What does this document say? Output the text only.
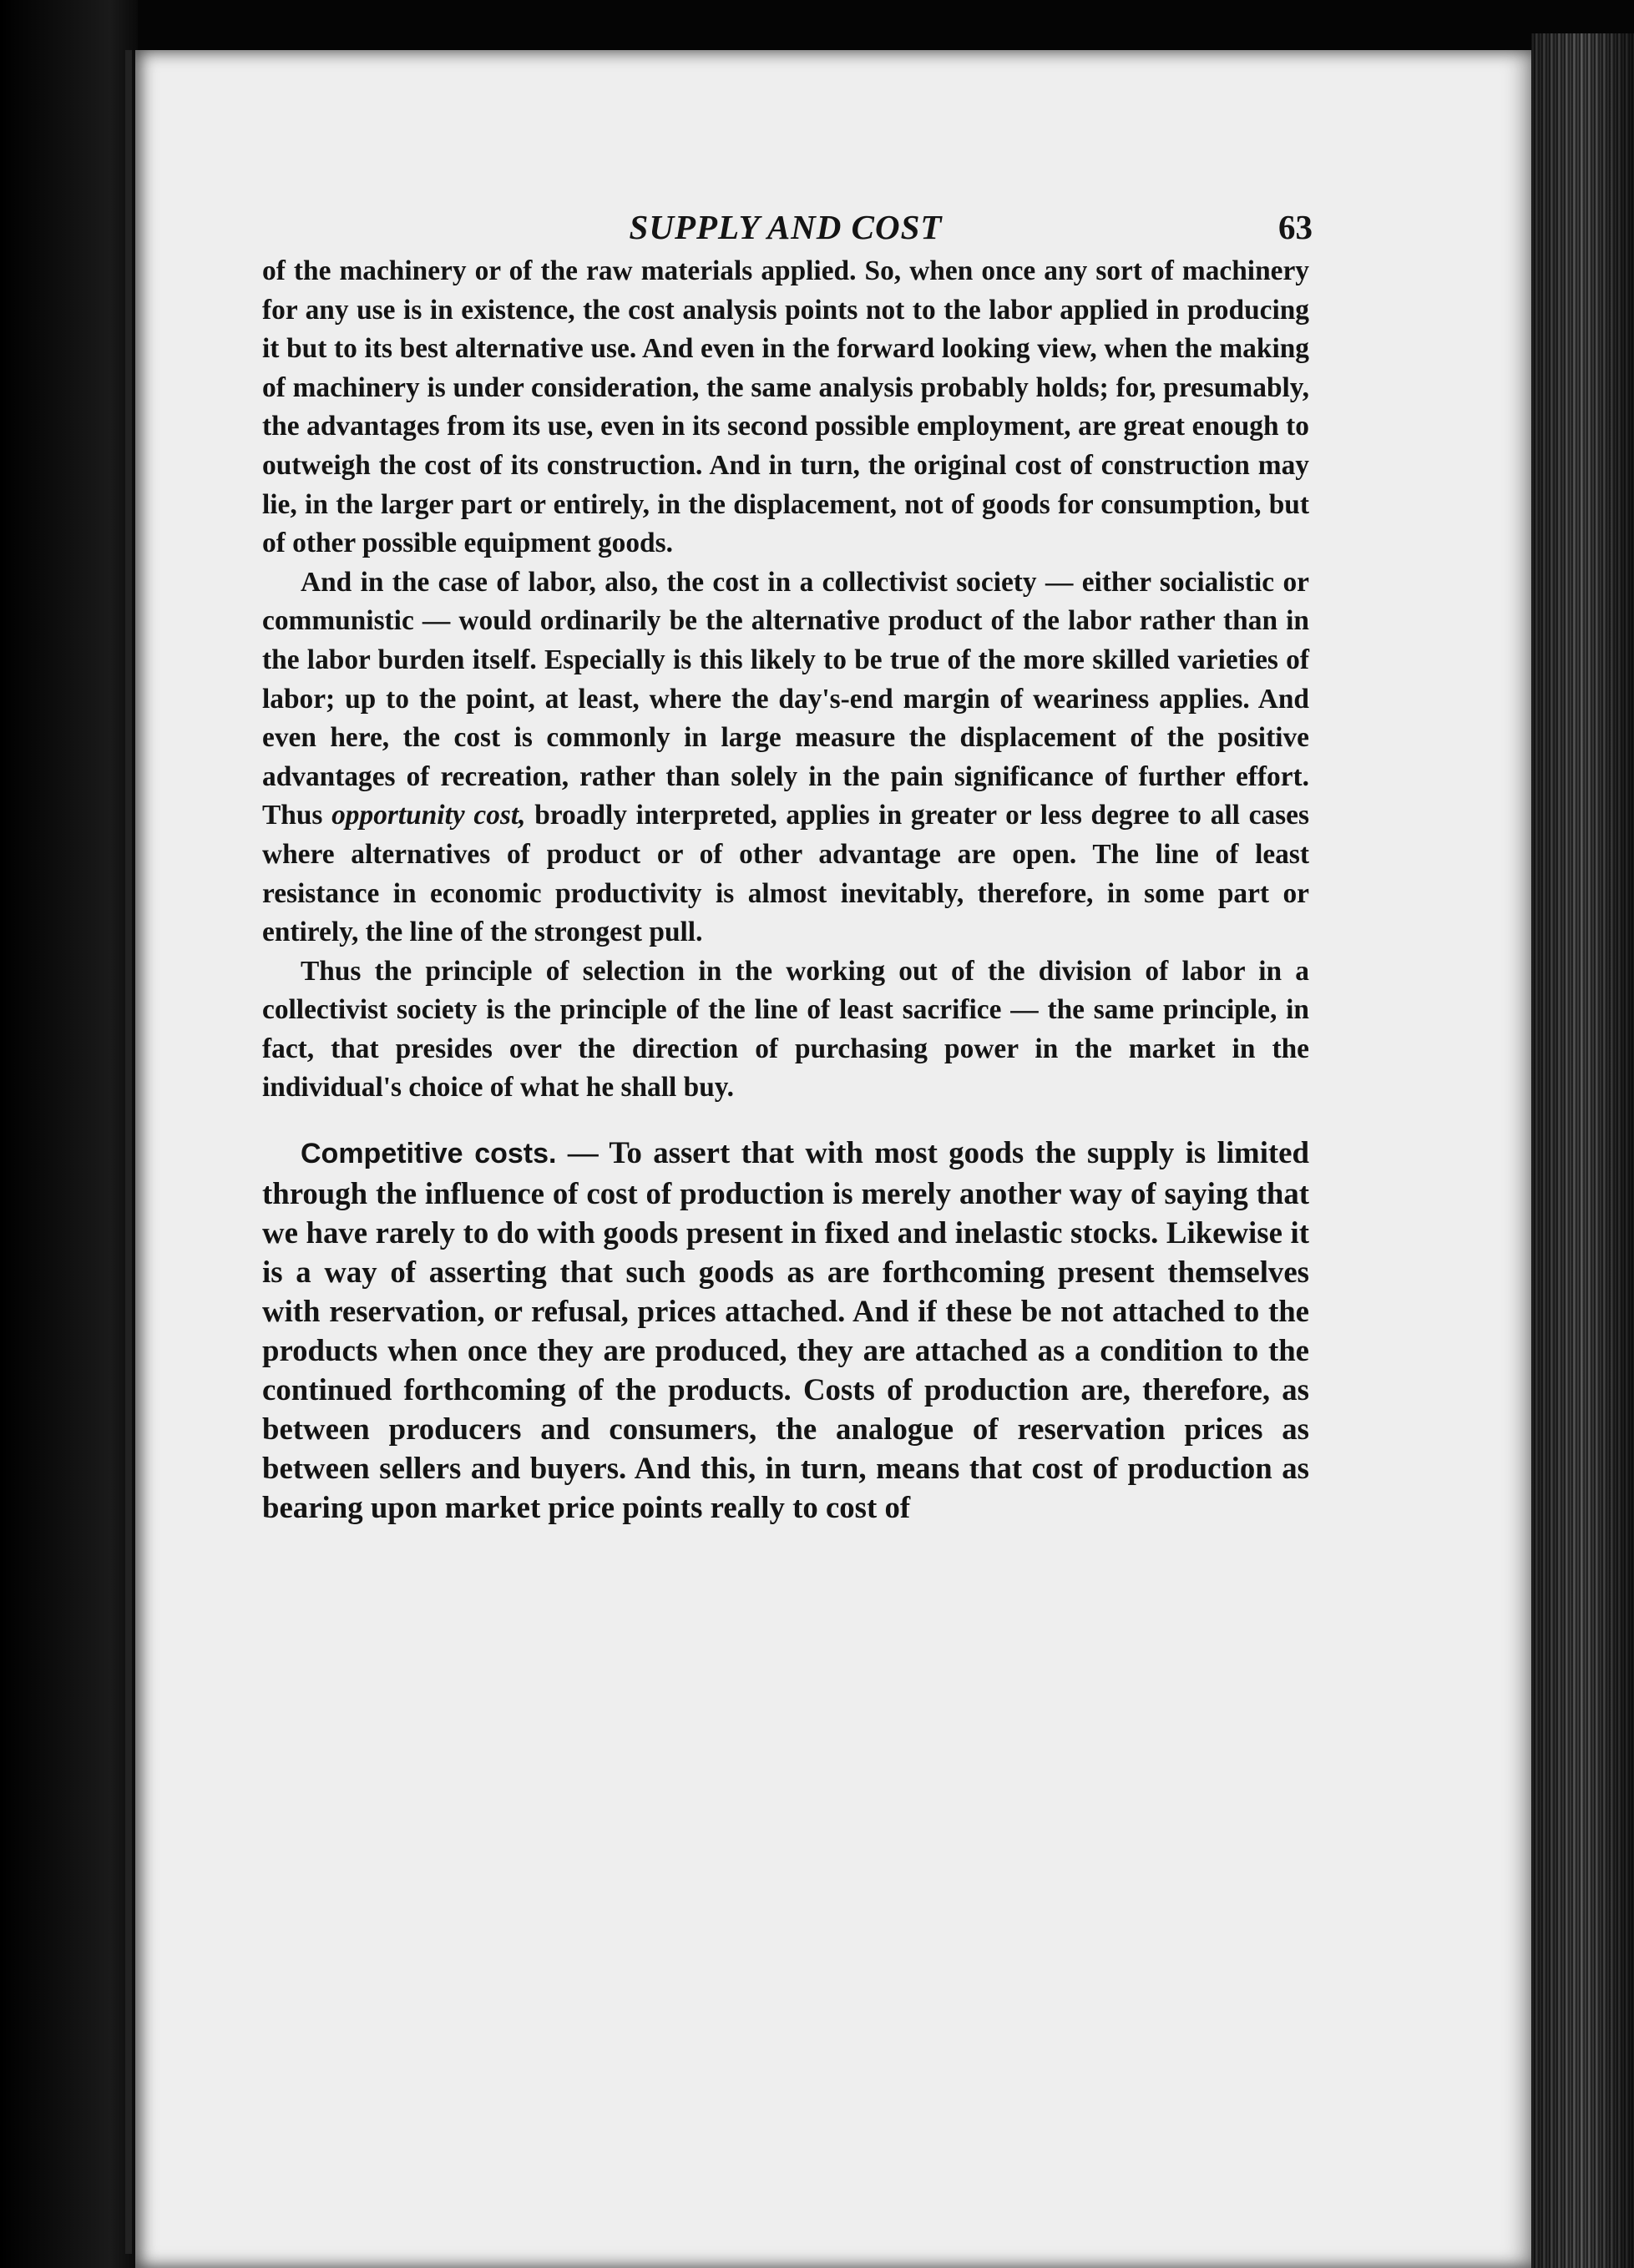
SUPPLY AND COST	63

of the machinery or of the raw materials applied. So, when once any sort of machinery for any use is in existence, the cost analysis points not to the labor applied in producing it but to its best alternative use. And even in the forward looking view, when the making of machinery is under consideration, the same analysis probably holds; for, presumably, the advantages from its use, even in its second possible employment, are great enough to outweigh the cost of its construction. And in turn, the original cost of construction may lie, in the larger part or entirely, in the displacement, not of goods for consumption, but of other possible equipment goods.

And in the case of labor, also, the cost in a collectivist society — either socialistic or communistic — would ordinarily be the alternative product of the labor rather than in the labor burden itself. Especially is this likely to be true of the more skilled varieties of labor; up to the point, at least, where the day's-end margin of weariness applies. And even here, the cost is commonly in large measure the displacement of the positive advantages of recreation, rather than solely in the pain significance of further effort. Thus opportunity cost, broadly interpreted, applies in greater or less degree to all cases where alternatives of product or of other advantage are open. The line of least resistance in economic productivity is almost inevitably, therefore, in some part or entirely, the line of the strongest pull.

Thus the principle of selection in the working out of the division of labor in a collectivist society is the principle of the line of least sacrifice — the same principle, in fact, that presides over the direction of purchasing power in the market in the individual's choice of what he shall buy.

Competitive costs. — To assert that with most goods the supply is limited through the influence of cost of production is merely another way of saying that we have rarely to do with goods present in fixed and inelastic stocks. Likewise it is a way of asserting that such goods as are forthcoming present themselves with reservation, or refusal, prices attached. And if these be not attached to the products when once they are produced, they are attached as a condition to the continued forthcoming of the products. Costs of production are, therefore, as between producers and consumers, the analogue of reservation prices as between sellers and buyers. And this, in turn, means that cost of production as bearing upon market price points really to cost of
